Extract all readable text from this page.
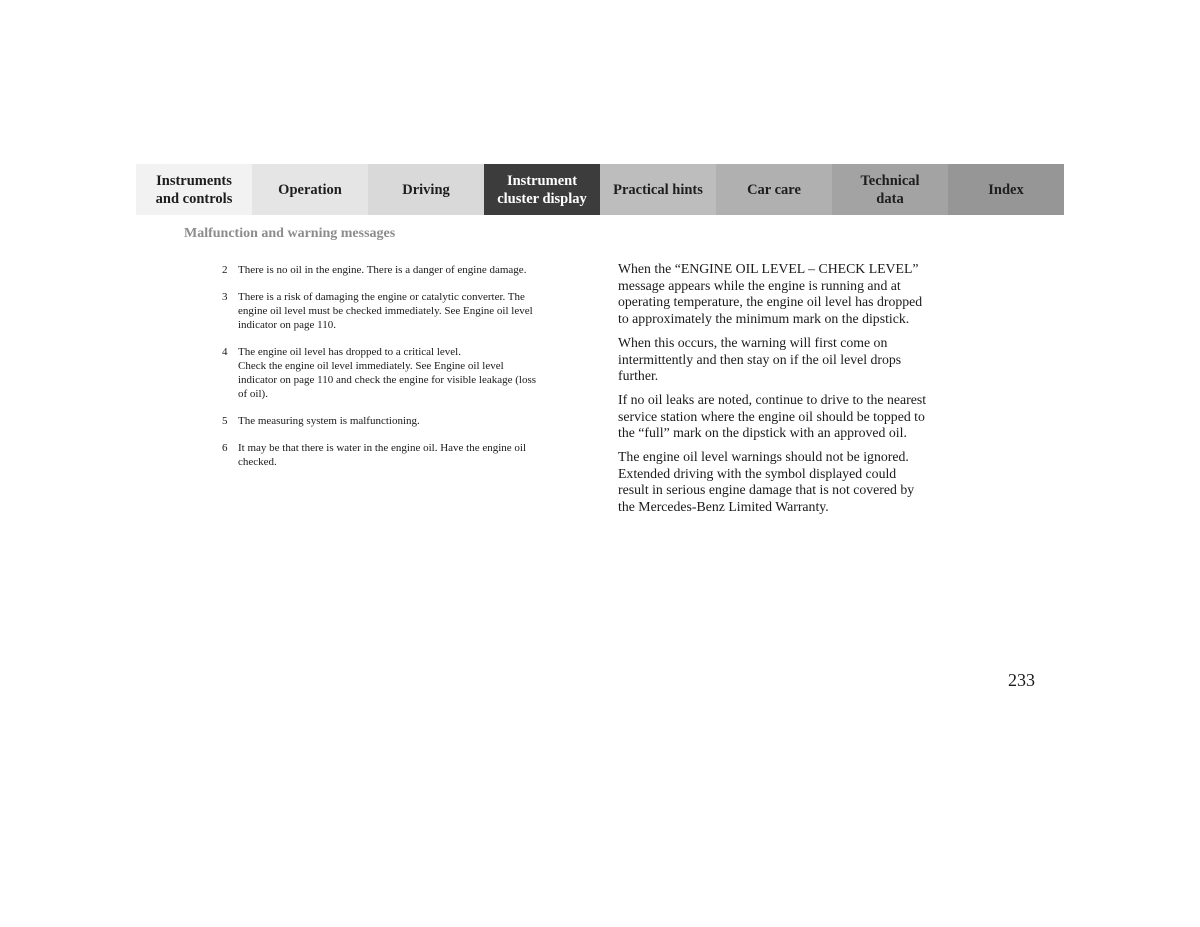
Instruments
and controls
Operation	Driving
Instrument
cluster display
Practical hints	Car care
Technical
data
Index
Malfunction and warning messages
2 There is no oil in the engine. There is a danger of engine damage.
3 There is a risk of damaging the engine or catalytic converter. The
engine oil level must be checked immediately. See Engine oil level
indicator on page 110.
4 The engine oil level has dropped to a critical level.
Check the engine oil level immediately. See Engine oil level
indicator on page 110 and check the engine for visible leakage (loss
of oil).
5 The measuring system is malfunctioning.
6 It may be that there is water in the engine oil. Have the engine oil
checked.

When the “ENGINE OIL LEVEL – CHECK LEVEL”
message appears while the engine is running and at
operating temperature, the engine oil level has dropped
to approximately the minimum mark on the dipstick.

When this occurs, the warning will first come on
intermittently and then stay on if the oil level drops
further.

If no oil leaks are noted, continue to drive to the nearest
service station where the engine oil should be topped to
the “full” mark on the dipstick with an approved oil.

The engine oil level warnings should not be ignored.
Extended driving with the symbol displayed could
result in serious engine damage that is not covered by
the Mercedes-Benz Limited Warranty.

233
